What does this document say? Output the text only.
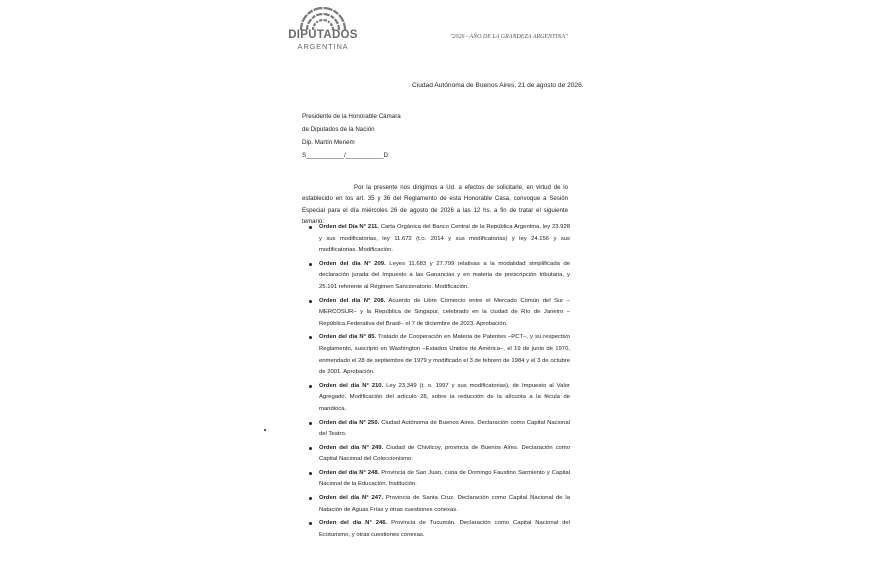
DIPUTADOS
ARGENTINA
"2026 - AÑO DE LA GRANDEZA ARGENTINA"
Ciudad Autónoma de Buenos Aires, 21 de agosto de 2026.
Presidente de la Honorable Cámara
de Diputados de la Nación
Dip. Martín Menem
S___________/___________D
Por la presente nos dirigimos a Ud. a efectos de solicitarle, en virtud de lo establecido en los art. 35 y 36 del Reglamento de esta Honorable Casa, convoque a Sesión Especial para el día miércoles 26 de agosto de 2026 a las 12 hs. a fin de tratar el siguiente temario:
Orden del Día N° 211. Carta Orgánica del Banco Central de la República Argentina, ley 23.928 y sus modificatorias, ley 11.672 (t.o. 2014 y sus modificatorias) y ley 24.156 y sus modificatorias. Modificación.
Orden del día N° 209. Leyes 11.683 y 27.799 relativas a la modalidad simplificada de declaración jurada del Impuesto a las Ganancias y en materia de prescripción tributaria, y 25.191 referente al Régimen Sancionatorio. Modificación.
Orden del día N° 208. Acuerdo de Libre Comercio entre el Mercado Común del Sur –MERCOSUR– y la República de Singapur, celebrado en la ciudad de Río de Janeiro –República Federativa del Brasil– el 7 de diciembre de 2023. Aprobación.
Orden del día N° 85. Tratado de Cooperación en Materia de Patentes –PCT–, y su respectivo Reglamento, suscripto en Washington –Estados Unidos de América–, el 19 de junio de 1970, enmendado el 28 de septiembre de 1979 y modificado el 3 de febrero de 1984 y el 3 de octubre de 2001. Aprobación.
Orden del día N° 210. Ley 23.349 (t. o. 1997 y sus modificatorias), de Impuesto al Valor Agregado. Modificación del artículo 28, sobre la reducción de la alícuota a la fécula de mandioca.
Orden del día N° 250. Ciudad Autónoma de Buenos Aires. Declaración como Capital Nacional del Teatro.
Orden del día N° 249. Ciudad de Chivilcoy, provincia de Buenos Aires. Declaración como Capital Nacional del Coleccionismo.
Orden del día N° 248. Provincia de San Juan, cuna de Domingo Faustino Sarmiento y Capital Nacional de la Educación. Institución.
Orden del día N° 247. Provincia de Santa Cruz. Declaración como Capital Nacional de la Natación de Aguas Frías y otras cuestiones conexas.
Orden del día N° 246. Provincia de Tucumán. Declaración como Capital Nacional del Ecoturismo, y otras cuestiones conexas.
